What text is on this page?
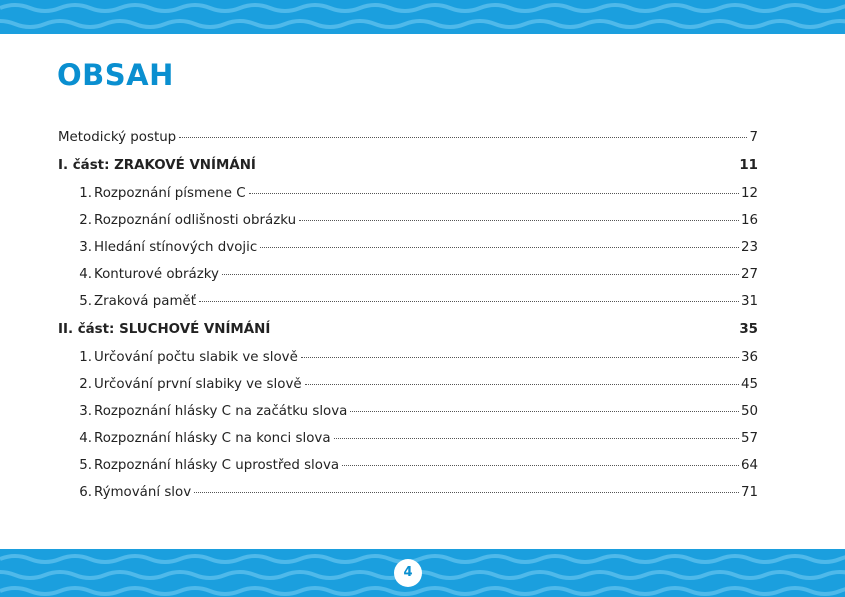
OBSAH
Metodický postup	7
I. část: ZRAKOVÉ VNÍMÁNÍ	11
1. Rozpoznání písmene C	12
2. Rozpoznání odlišnosti obrázku	16
3. Hledání stínových dvojic	23
4. Konturové obrázky	27
5. Zraková paměť	31
II. část: SLUCHOVÉ VNÍMÁNÍ	35
1. Určování počtu slabik ve slově	36
2. Určování první slabiky ve slově	45
3. Rozpoznání hlásky C na začátku slova	50
4. Rozpoznání hlásky C na konci slova	57
5. Rozpoznání hlásky C uprostřed slova	64
6. Rýmování slov	71
4
